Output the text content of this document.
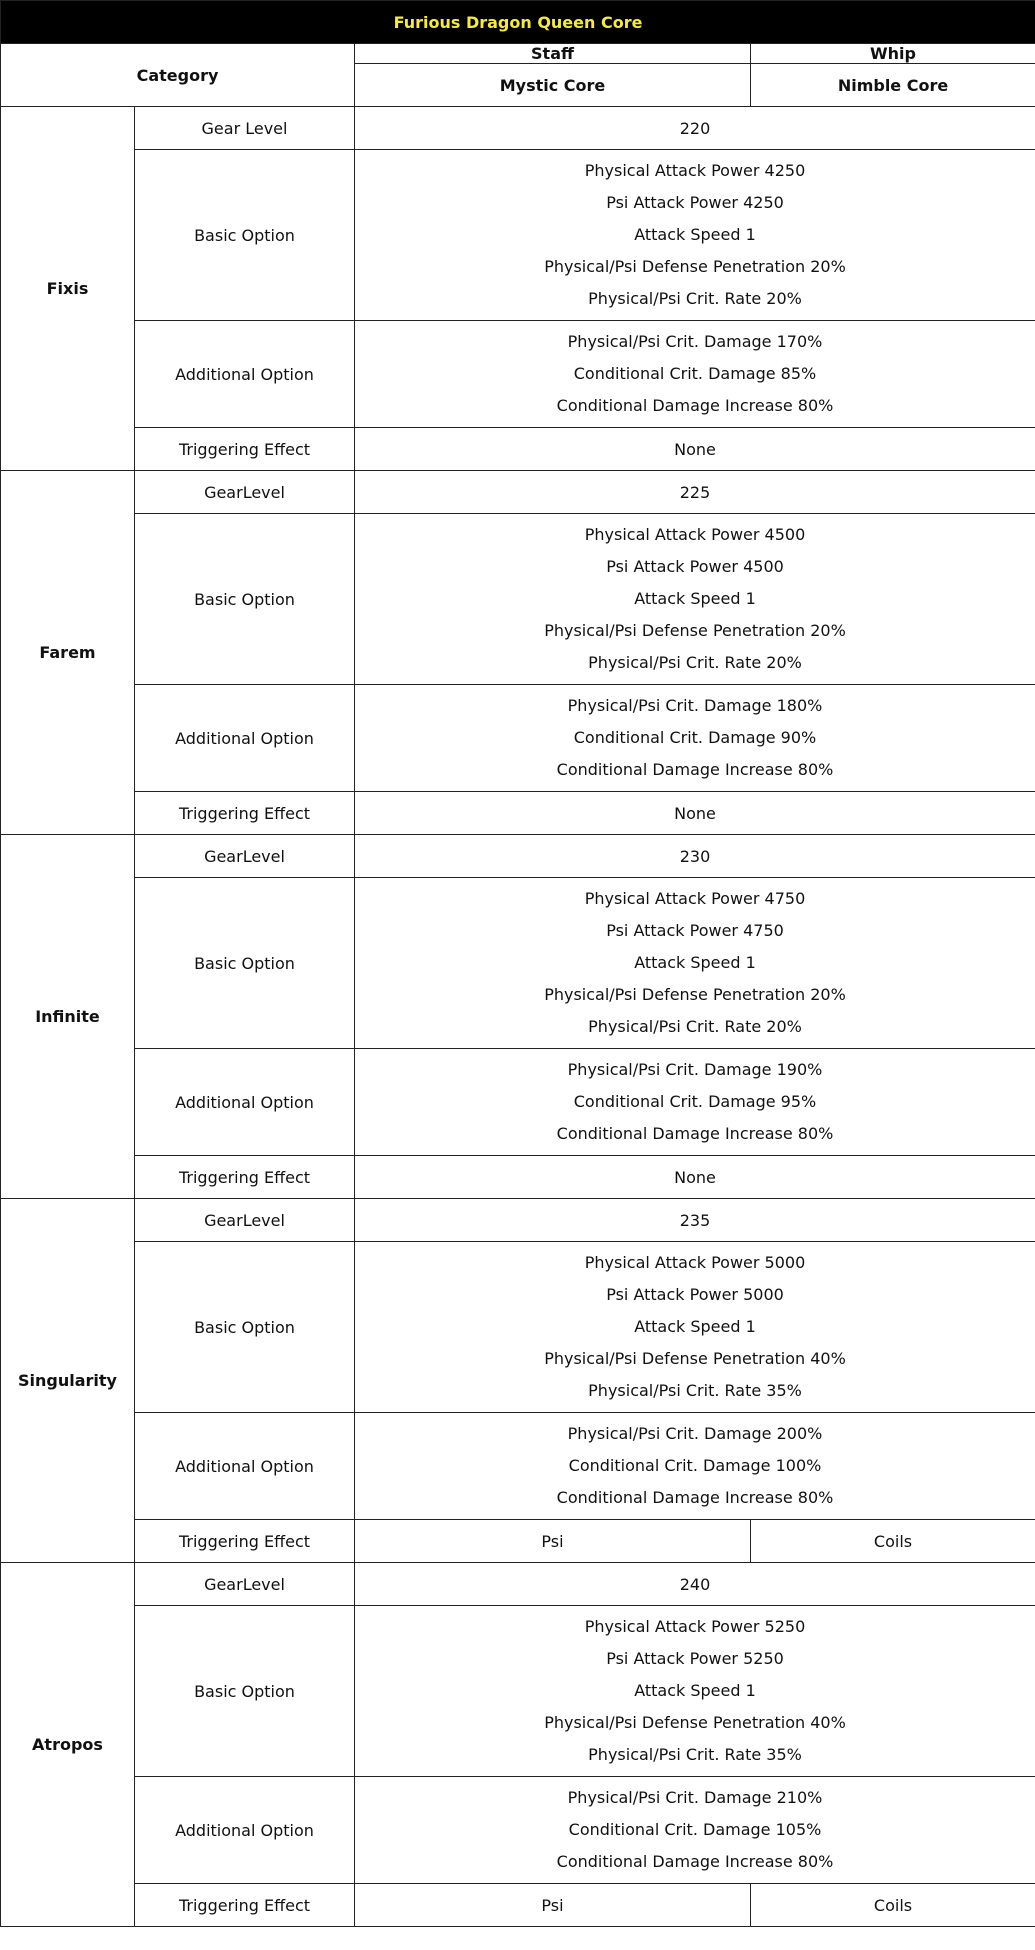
Furious Dragon Queen Core			
Category		Staff	Whip
		Mystic Core	Nimble Core
Fixis	Gear Level	220	
	Basic Option	Physical Attack Power 4250
Psi Attack Power 4250
Attack Speed 1
Physical/Psi Defense Penetration 20%
Physical/Psi Crit. Rate 20%	

	Additional Option	Physical/Psi Crit. Damage 170%
Conditional Crit. Damage 85%
Conditional Damage Increase 80%	

	Triggering Effect	None	
Farem	GearLevel	225	
	Basic Option	Physical Attack Power 4500
Psi Attack Power 4500
Attack Speed 1
Physical/Psi Defense Penetration 20%
Physical/Psi Crit. Rate 20%	

	Additional Option	Physical/Psi Crit. Damage 180%
Conditional Crit. Damage 90%
Conditional Damage Increase 80%	

	Triggering Effect	None	
Infinite	GearLevel	230	
	Basic Option	Physical Attack Power 4750
Psi Attack Power 4750
Attack Speed 1
Physical/Psi Defense Penetration 20%
Physical/Psi Crit. Rate 20%	

	Additional Option	Physical/Psi Crit. Damage 190%
Conditional Crit. Damage 95%
Conditional Damage Increase 80%	

	Triggering Effect	None	
Singularity	GearLevel	235	
	Basic Option	Physical Attack Power 5000
Psi Attack Power 5000
Attack Speed 1
Physical/Psi Defense Penetration 40%
Physical/Psi Crit. Rate 35%	

	Additional Option	Physical/Psi Crit. Damage 200%
Conditional Crit. Damage 100%
Conditional Damage Increase 80%	

	Triggering Effect	Psi	Coils
Atropos	GearLevel	240	
	Basic Option	Physical Attack Power 5250
Psi Attack Power 5250
Attack Speed 1
Physical/Psi Defense Penetration 40%
Physical/Psi Crit. Rate 35%	

	Additional Option	Physical/Psi Crit. Damage 210%
Conditional Crit. Damage 105%
Conditional Damage Increase 80%	

	Triggering Effect	Psi	Coils
